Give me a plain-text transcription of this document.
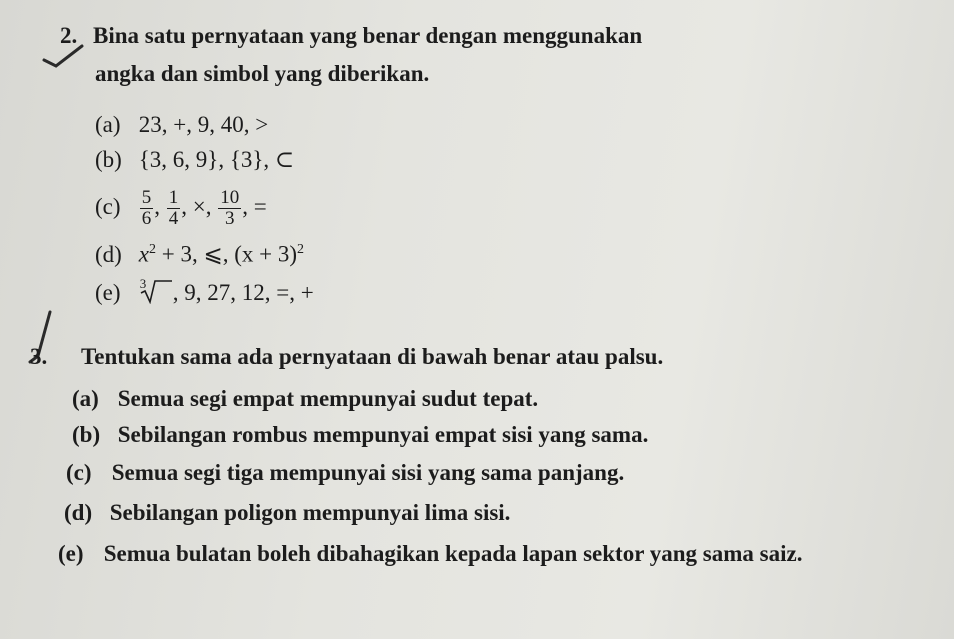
2. Bina satu pernyataan yang benar dengan menggunakan
angka dan simbol yang diberikan.
(a) 23, +, 9, 40, >
(b) {3, 6, 9}, {3}, ⊂
$(c) \frac{5}{6}$ , $\frac{1}{4}$ , ×, $\frac{10}{3}$ , =
(d) $x^2 + 3$, ⩽, $(x + 3)^2$
(e) 3 , 9, 27, 12, =, +
3. Tentukan sama ada pernyataan di bawah benar atau palsu.
(a) Semua segi empat mempunyai sudut tepat.
(b) Sebilangan rombus mempunyai empat sisi yang sama.
(c) Semua segi tiga mempunyai sisi yang sama panjang.
(d) Sebilangan poligon mempunyai lima sisi.
(e) Semua bulatan boleh dibahagikan kepada lapan sektor yang sama saiz.
